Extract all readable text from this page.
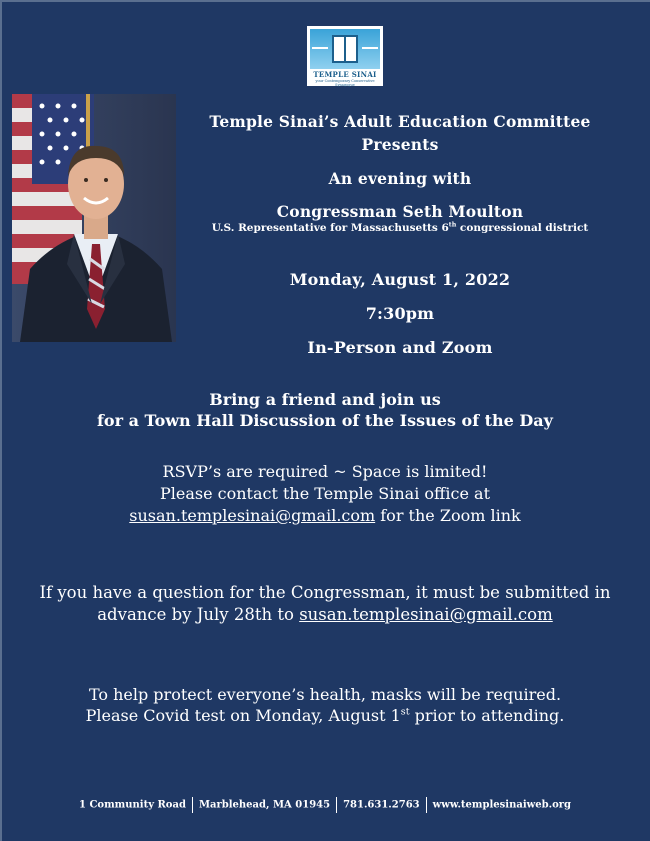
TEMPLE SINAI
your Contemporary Conservative Synagogue
Temple Sinai’s Adult Education Committee
Presents
An evening with
Congressman Seth Moulton
U.S. Representative for Massachusetts 6th congressional district
Monday, August 1, 2022
7:30pm
In-Person and Zoom
Bring a friend and join us
for a Town Hall Discussion of the Issues of the Day
RSVP’s are required ~ Space is limited!
Please contact the Temple Sinai office at
susan.templesinai@gmail.com for the Zoom link
If you have a question for the Congressman, it must be submitted in
advance by July 28th to susan.templesinai@gmail.com
To help protect everyone’s health, masks will be required.
Please Covid test on Monday, August 1st prior to attending.
1 Community Road Marblehead, MA 01945 781.631.2763 www.templesinaiweb.org
